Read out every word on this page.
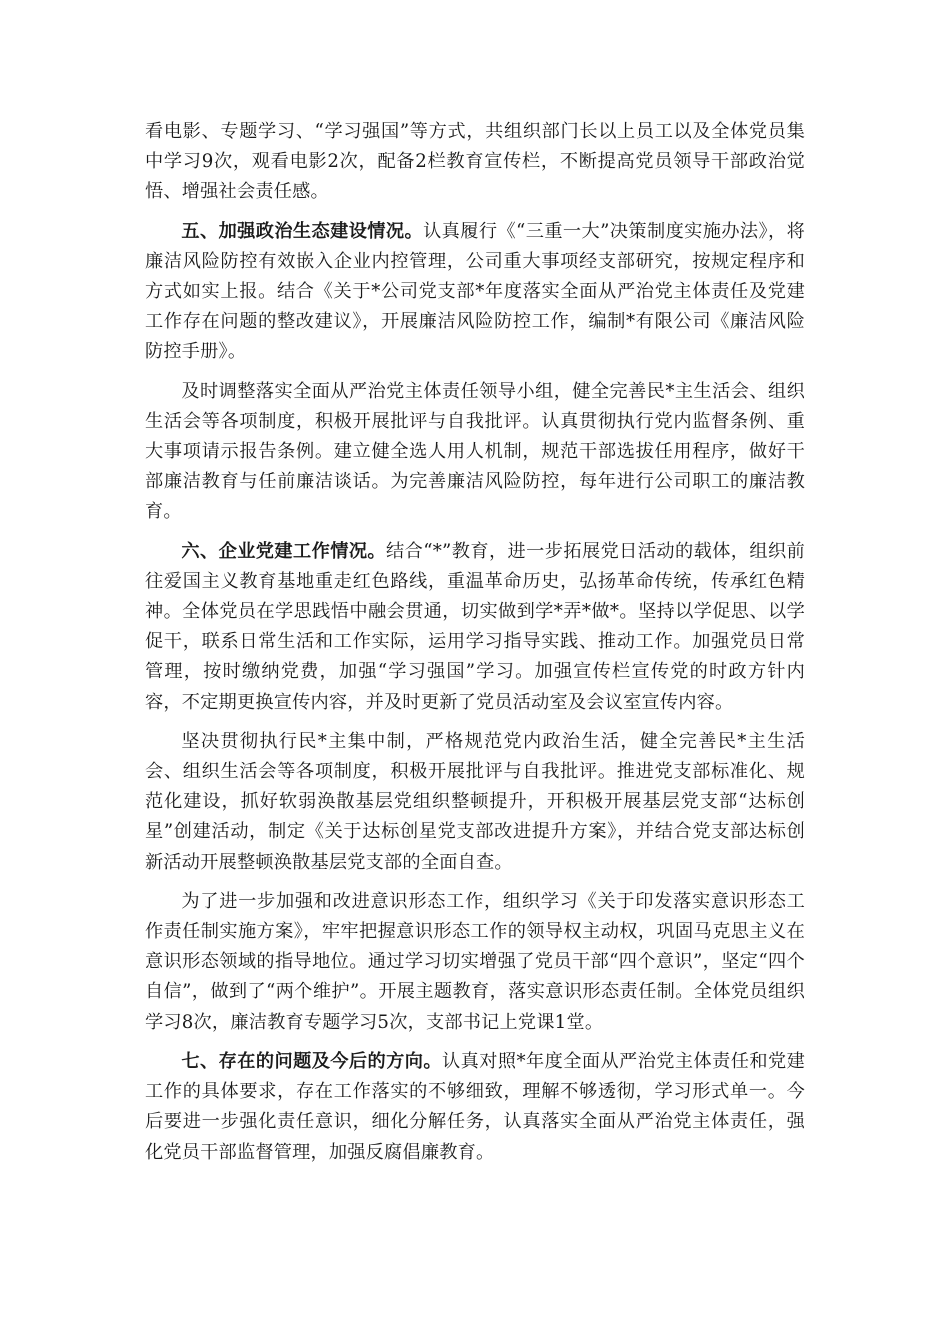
看电影、专题学习、“学习强国”等方式，共组织部门长以上员工以及全体党员集中学习9次，观看电影2次，配备2栏教育宣传栏，不断提高党员领导干部政治觉悟、增强社会责任感。

五、加强政治生态建设情况。认真履行《“三重一大”决策制度实施办法》，将廉洁风险防控有效嵌入企业内控管理，公司重大事项经支部研究，按规定程序和方式如实上报。结合《关于*公司党支部*年度落实全面从严治党主体责任及党建工作存在问题的整改建议》，开展廉洁风险防控工作，编制*有限公司《廉洁风险防控手册》。

及时调整落实全面从严治党主体责任领导小组，健全完善民*主生活会、组织生活会等各项制度，积极开展批评与自我批评。认真贯彻执行党内监督条例、重大事项请示报告条例。建立健全选人用人机制，规范干部选拔任用程序，做好干部廉洁教育与任前廉洁谈话。为完善廉洁风险防控，每年进行公司职工的廉洁教育。

六、企业党建工作情况。结合“*”教育，进一步拓展党日活动的载体，组织前往爱国主义教育基地重走红色路线，重温革命历史，弘扬革命传统，传承红色精神。全体党员在学思践悟中融会贯通，切实做到学*弄*做*。坚持以学促思、以学促干，联系日常生活和工作实际，运用学习指导实践、推动工作。加强党员日常管理，按时缴纳党费，加强“学习强国”学习。加强宣传栏宣传党的时政方针内容，不定期更换宣传内容，并及时更新了党员活动室及会议室宣传内容。

坚决贯彻执行民*主集中制，严格规范党内政治生活，健全完善民*主生活会、组织生活会等各项制度，积极开展批评与自我批评。推进党支部标准化、规范化建设，抓好软弱涣散基层党组织整顿提升，开积极开展基层党支部“达标创星”创建活动，制定《关于达标创星党支部改进提升方案》，并结合党支部达标创新活动开展整顿涣散基层党支部的全面自查。

为了进一步加强和改进意识形态工作，组织学习《关于印发落实意识形态工作责任制实施方案》，牢牢把握意识形态工作的领导权主动权，巩固马克思主义在意识形态领域的指导地位。通过学习切实增强了党员干部“四个意识”，坚定“四个自信”，做到了“两个维护”。开展主题教育，落实意识形态责任制。全体党员组织学习8次，廉洁教育专题学习5次，支部书记上党课1堂。

七、存在的问题及今后的方向。认真对照*年度全面从严治党主体责任和党建工作的具体要求，存在工作落实的不够细致，理解不够透彻，学习形式单一。今后要进一步强化责任意识，细化分解任务，认真落实全面从严治党主体责任，强化党员干部监督管理，加强反腐倡廉教育。
